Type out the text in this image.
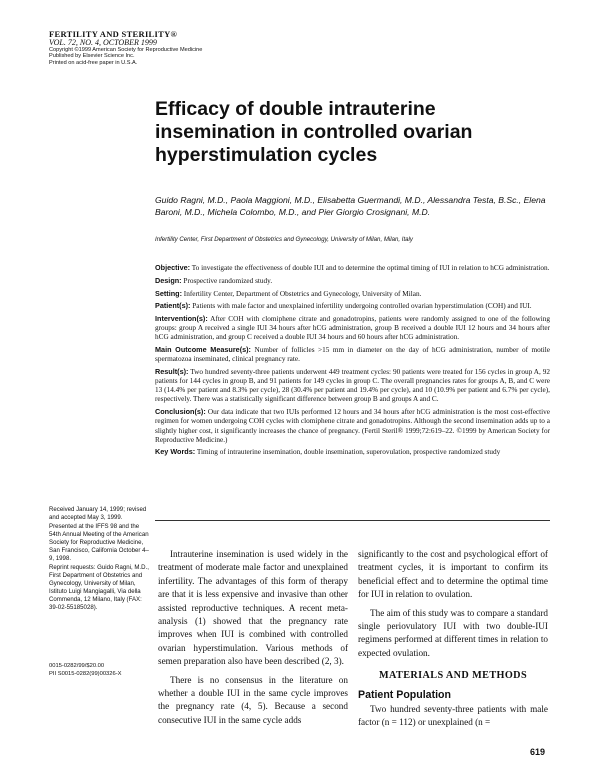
FERTILITY AND STERILITY®
VOL. 72, NO. 4, OCTOBER 1999
Copyright ©1999 American Society for Reproductive Medicine
Published by Elsevier Science Inc.
Printed on acid-free paper in U.S.A.
Efficacy of double intrauterine insemination in controlled ovarian hyperstimulation cycles
Guido Ragni, M.D., Paola Maggioni, M.D., Elisabetta Guermandi, M.D., Alessandra Testa, B.Sc., Elena Baroni, M.D., Michela Colombo, M.D., and Pier Giorgio Crosignani, M.D.
Infertility Center, First Department of Obstetrics and Gynecology, University of Milan, Milan, Italy

Objective: To investigate the effectiveness of double IUI and to determine the optimal timing of IUI in relation to hCG administration.

Design: Prospective randomized study.

Setting: Infertility Center, Department of Obstetrics and Gynecology, University of Milan.

Patient(s): Patients with male factor and unexplained infertility undergoing controlled ovarian hyperstimulation (COH) and IUI.

Intervention(s): After COH with clomiphene citrate and gonadotropins, patients were randomly assigned to one of the following groups: group A received a single IUI 34 hours after hCG administration, group B received a double IUI 12 hours and 34 hours after hCG administration, and group C received a double IUI 34 hours and 60 hours after hCG administration.

Main Outcome Measure(s): Number of follicles >15 mm in diameter on the day of hCG administration, number of motile spermatozoa inseminated, clinical pregnancy rate.

Result(s): Two hundred seventy-three patients underwent 449 treatment cycles: 90 patients were treated for 156 cycles in group A, 92 patients for 144 cycles in group B, and 91 patients for 149 cycles in group C. The overall pregnancies rates for groups A, B, and C were 13 (14.4% per patient and 8.3% per cycle), 28 (30.4% per patient and 19.4% per cycle), and 10 (10.9% per patient and 6.7% per cycle), respectively. There was a statistically significant difference between group B and groups A and C.

Conclusion(s): Our data indicate that two IUIs performed 12 hours and 34 hours after hCG administration is the most cost-effective regimen for women undergoing COH cycles with clomiphene citrate and gonadotropins. Although the second insemination adds up to a slightly higher cost, it significantly increases the chance of pregnancy. (Fertil Steril® 1999;72:619–22. ©1999 by American Society for Reproductive Medicine.)

Key Words: Timing of intrauterine insemination, double insemination, superovulation, prospective randomized study

Received January 14, 1999; revised and accepted May 3, 1999.

Presented at the IFFS 98 and the 54th Annual Meeting of the American Society for Reproductive Medicine, San Francisco, California October 4–9, 1998.

Reprint requests: Guido Ragni, M.D., First Department of Obstetrics and Gynecology, University of Milan, Istituto Luigi Mangiagalli, Via della Commenda, 12 Milano, Italy (FAX: 39-02-55185028).

0015-0282/99/$20.00
PII S0015-0282(99)00326-X

Intrauterine insemination is used widely in the treatment of moderate male factor and unexplained infertility. The advantages of this form of therapy are that it is less expensive and invasive than other assisted reproductive techniques. A recent meta-analysis (1) showed that the pregnancy rate improves when IUI is combined with controlled ovarian hyperstimulation. Various methods of semen preparation also have been described (2, 3).

There is no consensus in the literature on whether a double IUI in the same cycle improves the pregnancy rate (4, 5). Because a second consecutive IUI in the same cycle adds

significantly to the cost and psychological effort of treatment cycles, it is important to confirm its beneficial effect and to determine the optimal time for IUI in relation to ovulation.

The aim of this study was to compare a standard single periovulatory IUI with two double-IUI regimens performed at different times in relation to expected ovulation.

MATERIALS AND METHODS
Patient Population

Two hundred seventy-three patients with male factor (n = 112) or unexplained (n =

619
